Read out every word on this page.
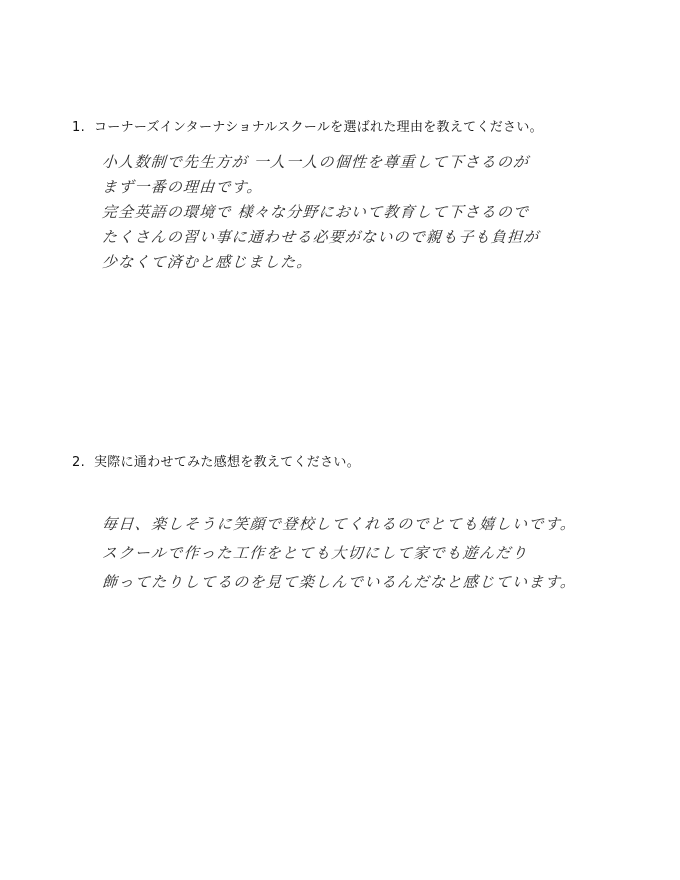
1. コーナーズインターナショナルスクールを選ばれた理由を教えてください。
小人数制で先生方が 一人一人の個性を尊重して下さるのが
まず一番の理由です。
完全英語の環境で 様々な分野において教育して下さるので
たくさんの習い事に通わせる必要がないので親も子も負担が
少なくて済むと感じました。
2. 実際に通わせてみた感想を教えてください。
毎日、楽しそうに笑顔で登校してくれるのでとても嬉しいです。
スクールで作った工作をとても大切にして家でも遊んだり
飾ってたりしてるのを見て楽しんでいるんだなと感じています。
